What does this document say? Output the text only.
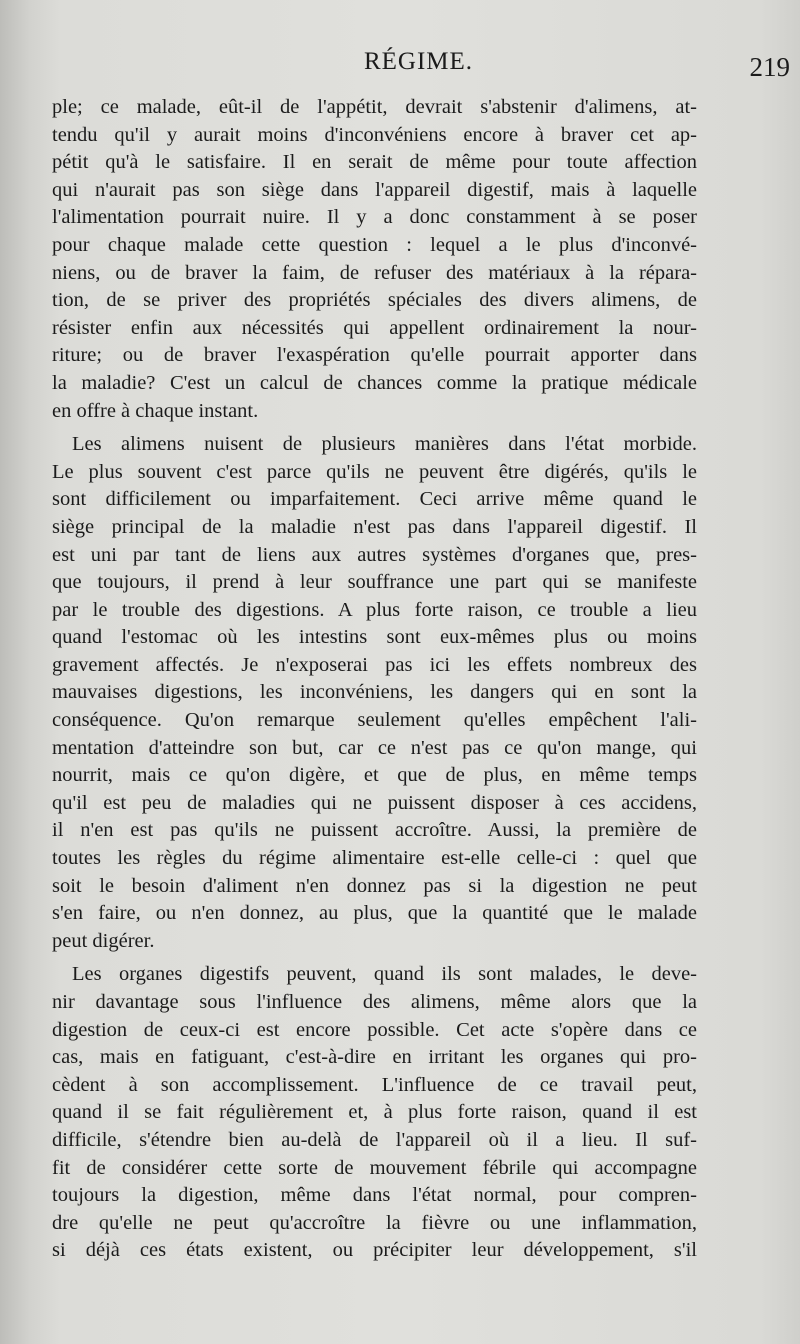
RÉGIME.	219
ple; ce malade, eût-il de l'appétit, devrait s'abstenir d'alimens, at-
tendu qu'il y aurait moins d'inconvéniens encore à braver cet ap-
pétit qu'à le satisfaire. Il en serait de même pour toute affection
qui n'aurait pas son siège dans l'appareil digestif, mais à laquelle
l'alimentation pourrait nuire. Il y a donc constamment à se poser
pour chaque malade cette question : lequel a le plus d'inconvé-
niens, ou de braver la faim, de refuser des matériaux à la répara-
tion, de se priver des propriétés spéciales des divers alimens, de
résister enfin aux nécessités qui appellent ordinairement la nour-
riture; ou de braver l'exaspération qu'elle pourrait apporter dans
la maladie? C'est un calcul de chances comme la pratique médicale
en offre à chaque instant.
Les alimens nuisent de plusieurs manières dans l'état morbide.
Le plus souvent c'est parce qu'ils ne peuvent être digérés, qu'ils le
sont difficilement ou imparfaitement. Ceci arrive même quand le
siège principal de la maladie n'est pas dans l'appareil digestif. Il
est uni par tant de liens aux autres systèmes d'organes que, pres-
que toujours, il prend à leur souffrance une part qui se manifeste
par le trouble des digestions. A plus forte raison, ce trouble a lieu
quand l'estomac où les intestins sont eux-mêmes plus ou moins
gravement affectés. Je n'exposerai pas ici les effets nombreux des
mauvaises digestions, les inconvéniens, les dangers qui en sont la
conséquence. Qu'on remarque seulement qu'elles empêchent l'ali-
mentation d'atteindre son but, car ce n'est pas ce qu'on mange, qui
nourrit, mais ce qu'on digère, et que de plus, en même temps
qu'il est peu de maladies qui ne puissent disposer à ces accidens,
il n'en est pas qu'ils ne puissent accroître. Aussi, la première de
toutes les règles du régime alimentaire est-elle celle-ci : quel que
soit le besoin d'aliment n'en donnez pas si la digestion ne peut
s'en faire, ou n'en donnez, au plus, que la quantité que le malade
peut digérer.
Les organes digestifs peuvent, quand ils sont malades, le deve-
nir davantage sous l'influence des alimens, même alors que la
digestion de ceux-ci est encore possible. Cet acte s'opère dans ce
cas, mais en fatiguant, c'est-à-dire en irritant les organes qui pro-
cèdent à son accomplissement. L'influence de ce travail peut,
quand il se fait régulièrement et, à plus forte raison, quand il est
difficile, s'étendre bien au-delà de l'appareil où il a lieu. Il suf-
fit de considérer cette sorte de mouvement fébrile qui accompagne
toujours la digestion, même dans l'état normal, pour compren-
dre qu'elle ne peut qu'accroître la fièvre ou une inflammation,
si déjà ces états existent, ou précipiter leur développement, s'il
